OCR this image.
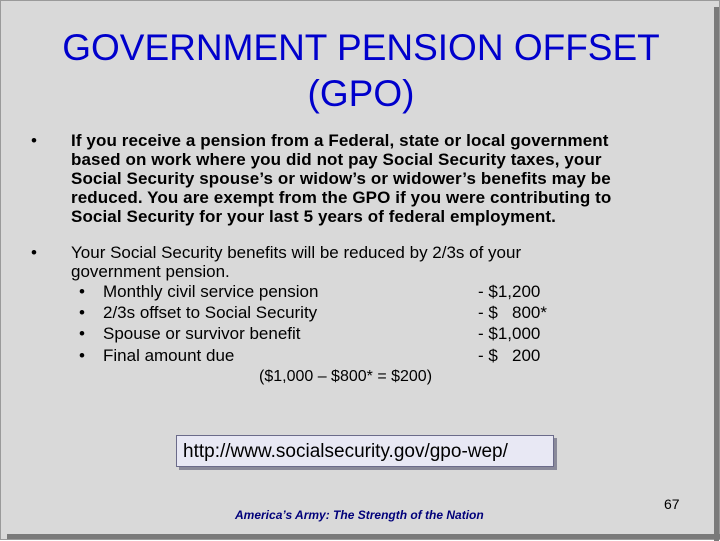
GOVERNMENT PENSION OFFSET
(GPO)
•	If you receive a pension from a Federal, state or local government
based on work where you did not pay Social Security taxes, your
Social Security spouse’s or widow’s or widower’s benefits may be
reduced. You are exempt from the GPO if you were contributing to
Social Security for your last 5 years of federal employment.
•	Your Social Security benefits will be reduced by 2/3s of your
government pension.
• Monthly civil service pension	- $1,200
• 2/3s offset to Social Security	- $   800*
• Spouse or survivor benefit	- $1,000
• Final amount due	- $   200
($1,000 – $800* = $200)
http://www.socialsecurity.gov/gpo-wep/
America’s Army: The Strength of the Nation
67
